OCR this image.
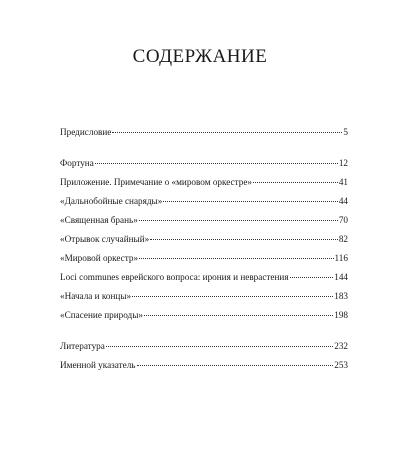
СОДЕРЖАНИЕ
Предисловие	5
Фортуна	12
Приложение. Примечание о «мировом оркестре»	41
«Дальнобойные снаряды»	44
«Священная брань»	70
«Отрывок случайный»	82
«Мировой оркестр»	116
Loci communes еврейского вопроса: ирония и неврастения	144
«Начала и концы»	183
«Спасение природы»	198
Литература	232
Именной указатель	253
